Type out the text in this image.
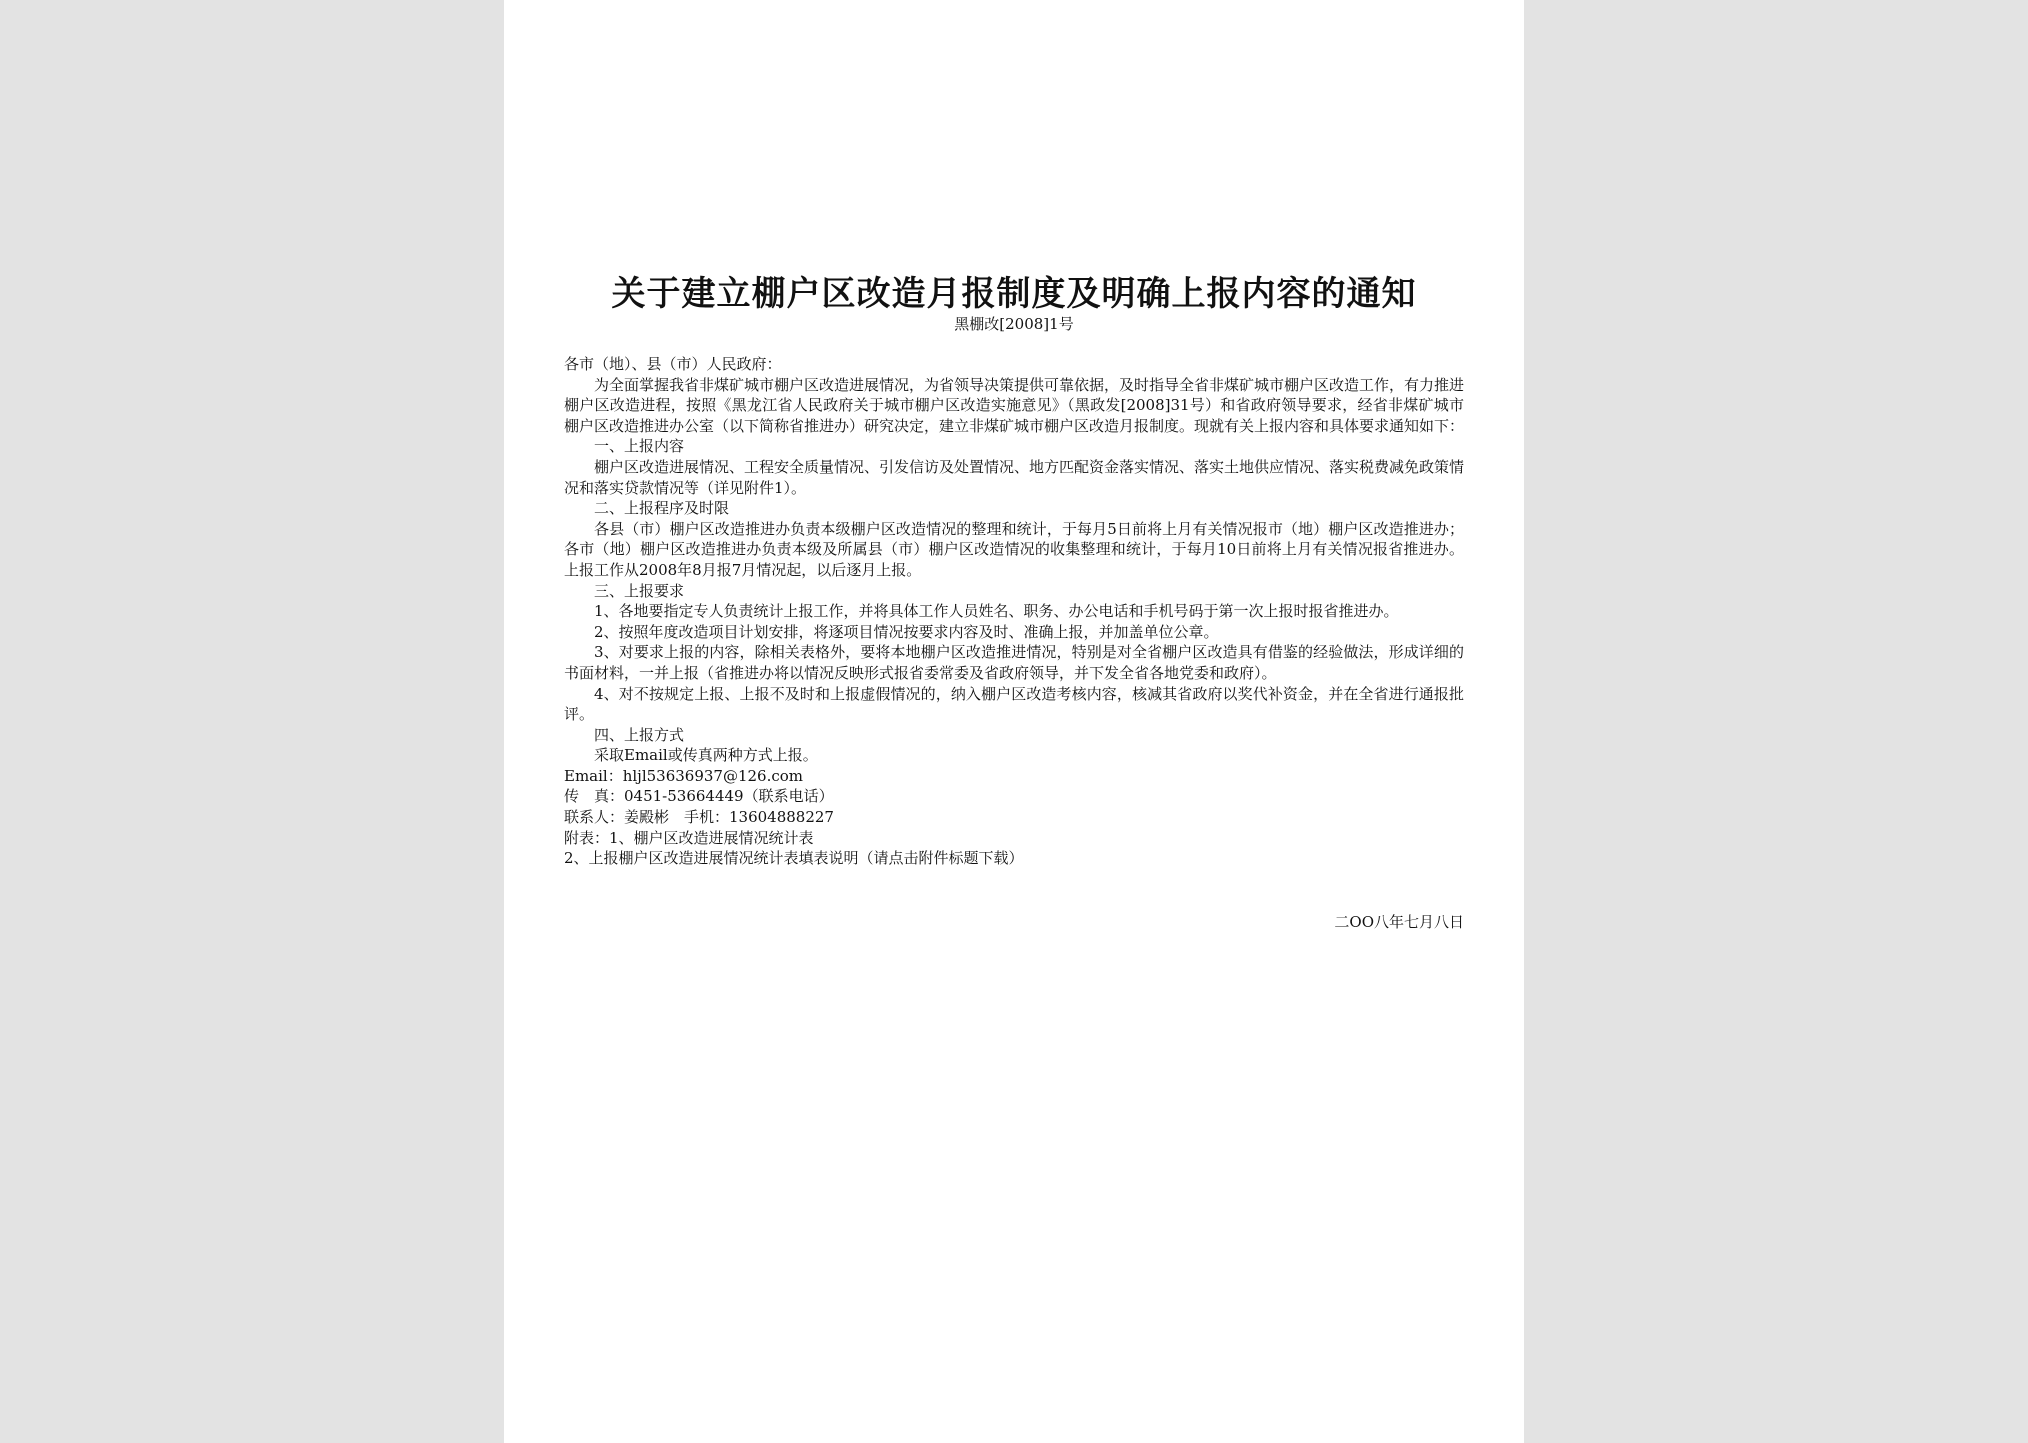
关于建立棚户区改造月报制度及明确上报内容的通知
黑棚改[2008]1号

各市（地）、县（市）人民政府：

为全面掌握我省非煤矿城市棚户区改造进展情况，为省领导决策提供可靠依据，及时指导全省非煤矿城市棚户区改造工作，有力推进棚户区改造进程，按照《黑龙江省人民政府关于城市棚户区改造实施意见》（黑政发[2008]31号）和省政府领导要求，经省非煤矿城市棚户区改造推进办公室（以下简称省推进办）研究决定，建立非煤矿城市棚户区改造月报制度。现就有关上报内容和具体要求通知如下：

一、上报内容

棚户区改造进展情况、工程安全质量情况、引发信访及处置情况、地方匹配资金落实情况、落实土地供应情况、落实税费减免政策情况和落实贷款情况等（详见附件1）。

二、上报程序及时限

各县（市）棚户区改造推进办负责本级棚户区改造情况的整理和统计，于每月5日前将上月有关情况报市（地）棚户区改造推进办；各市（地）棚户区改造推进办负责本级及所属县（市）棚户区改造情况的收集整理和统计，于每月10日前将上月有关情况报省推进办。上报工作从2008年8月报7月情况起，以后逐月上报。

三、上报要求

1、各地要指定专人负责统计上报工作，并将具体工作人员姓名、职务、办公电话和手机号码于第一次上报时报省推进办。

2、按照年度改造项目计划安排，将逐项目情况按要求内容及时、准确上报，并加盖单位公章。

3、对要求上报的内容，除相关表格外，要将本地棚户区改造推进情况，特别是对全省棚户区改造具有借鉴的经验做法，形成详细的书面材料，一并上报（省推进办将以情况反映形式报省委常委及省政府领导，并下发全省各地党委和政府）。

4、对不按规定上报、上报不及时和上报虚假情况的，纳入棚户区改造考核内容，核减其省政府以奖代补资金，并在全省进行通报批评。

四、上报方式

采取Email或传真两种方式上报。

Email：hljl53636937@126.com

传　真：0451-53664449（联系电话）

联系人：姜殿彬　手机：13604888227

附表：1、棚户区改造进展情况统计表

2、上报棚户区改造进展情况统计表填表说明（请点击附件标题下载）

二OO八年七月八日
